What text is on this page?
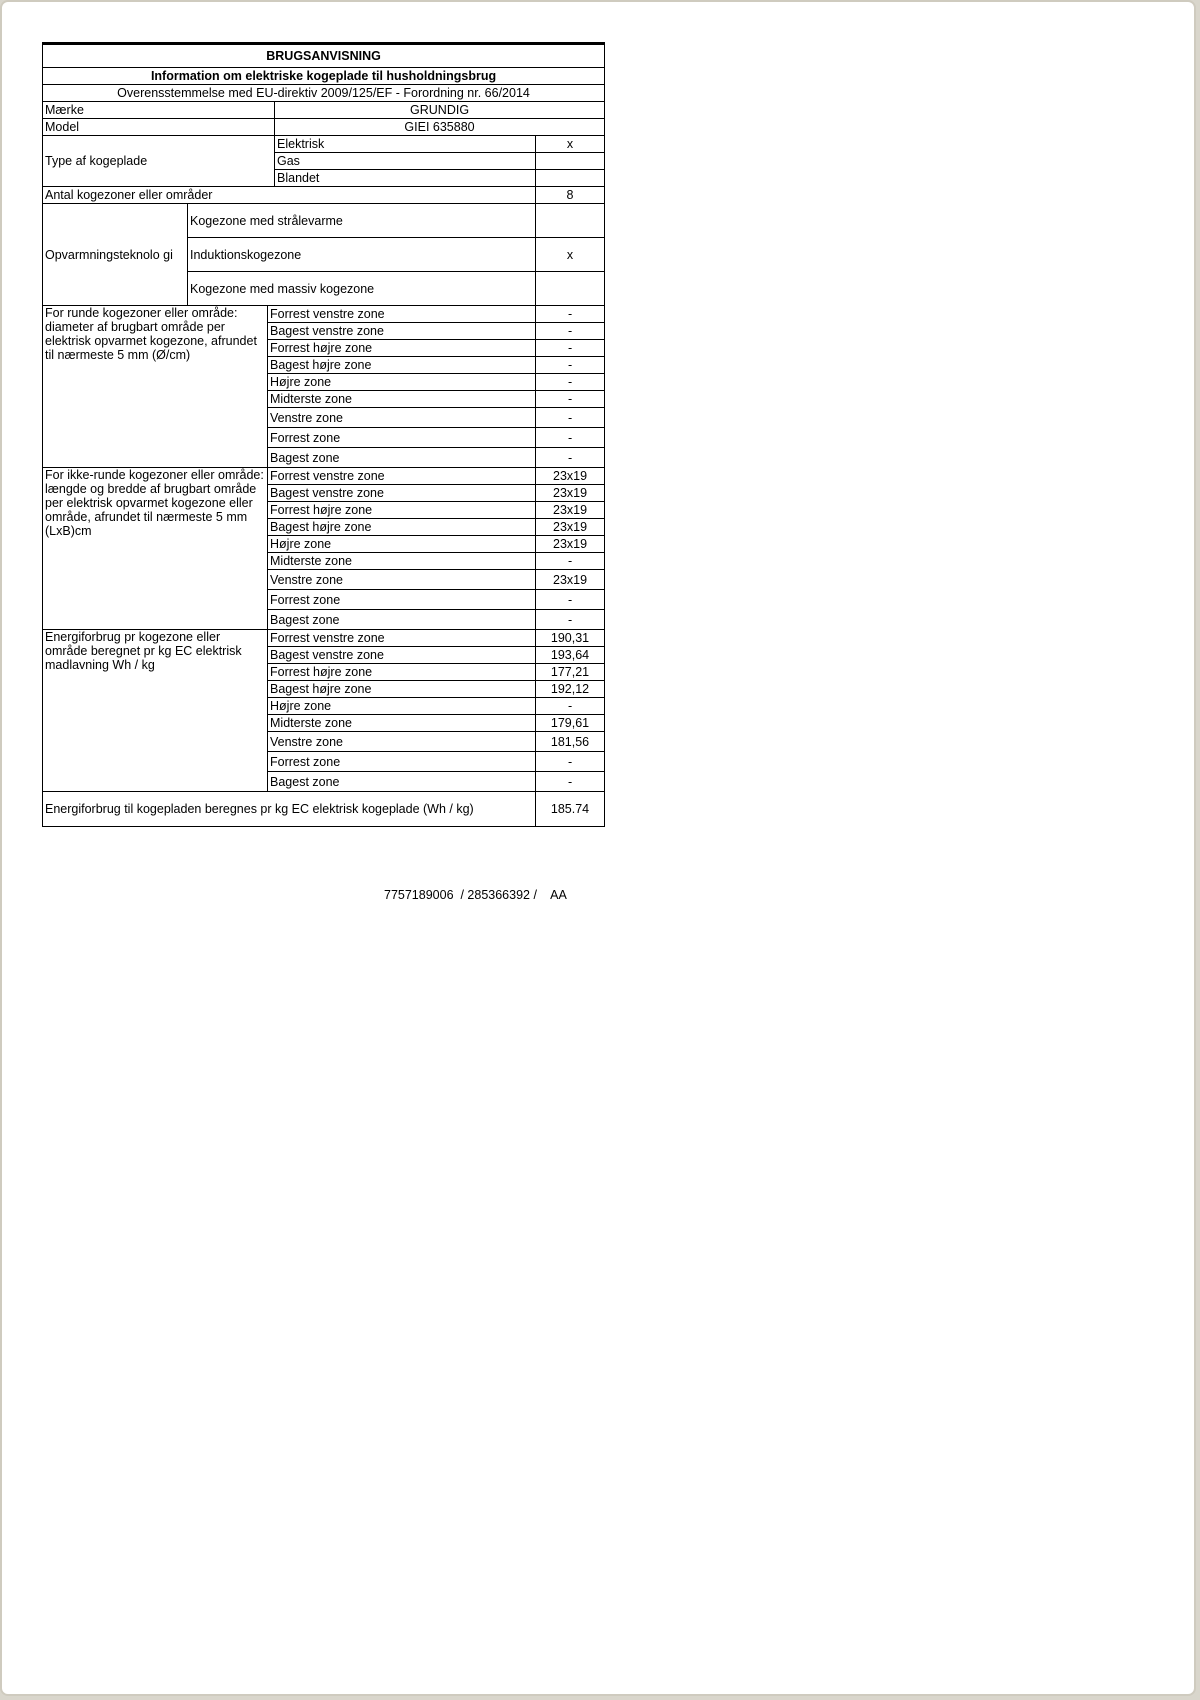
BRUGSANVISNING				
Information om elektriske kogeplade til husholdningsbrug				
Overensstemmelse med EU-direktiv 2009/125/EF - Forordning nr. 66/2014				
Mærke			GRUNDIG	
Model			GIEI 635880	
Type af kogeplade			Elektrisk	x
			Gas	
			Blandet	
Antal kogezoner eller områder				8
Opvarmningsteknolo gi	Kogezone med strålevarme			
	Induktionskogezone			x
	Kogezone med massiv kogezone			
For runde kogezoner eller område: diameter af brugbart område per elektrisk opvarmet kogezone, afrundet til nærmeste 5 mm (Ø/cm)		Forrest venstre zone		-
		Bagest venstre zone		-
		Forrest højre zone		-
		Bagest højre zone		-
		Højre zone		-
		Midterste zone		-
		Venstre zone		-
		Forrest zone		-
		Bagest zone		-
For ikke-runde kogezoner eller område: længde og bredde af brugbart område per elektrisk opvarmet kogezone eller område, afrundet til nærmeste 5 mm (LxB)cm		Forrest venstre zone		23x19
		Bagest venstre zone		23x19
		Forrest højre zone		23x19
		Bagest højre zone		23x19
		Højre zone		23x19
		Midterste zone		-
		Venstre zone		23x19
		Forrest zone		-
		Bagest zone		-
Energiforbrug pr kogezone eller område beregnet pr kg EC elektrisk madlavning Wh / kg		Forrest venstre zone		190,31
		Bagest venstre zone		193,64
		Forrest højre zone		177,21
		Bagest højre zone		192,12
		Højre zone		-
		Midterste zone		179,61
		Venstre zone		181,56
		Forrest zone		-
		Bagest zone		-
Energiforbrug til kogepladen beregnes pr kg EC elektrisk kogeplade (Wh / kg)				185.74
7757189006  / 285366392 /    AA
